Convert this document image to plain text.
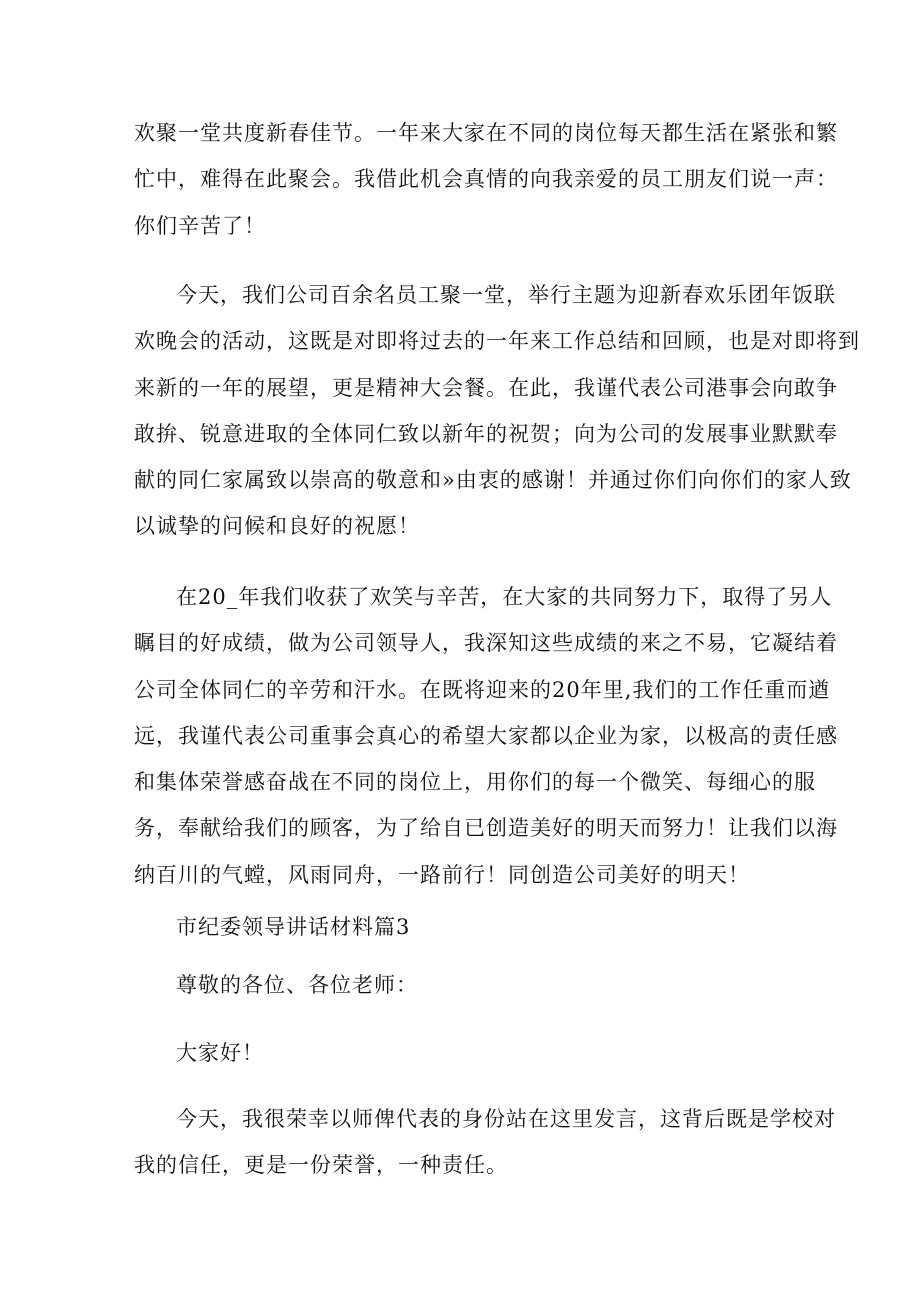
欢聚一堂共度新春佳节。一年来大家在不同的岗位每天都生活在紧张和繁
忙中，难得在此聚会。我借此机会真情的向我亲爱的员工朋友们说一声：
你们辛苦了！

今天，我们公司百余名员工聚一堂，举行主题为迎新春欢乐团年饭联
欢晚会的活动，这既是对即将过去的一年来工作总结和回顾，也是对即将到
来新的一年的展望，更是精神大会餐。在此，我谨代表公司港事会向敢争
敢拚、锐意进取的全体同仁致以新年的祝贺；向为公司的发展事业默默奉
献的同仁家属致以崇高的敬意和»由衷的感谢！并通过你们向你们的家人致
以诚挚的问候和良好的祝愿！

在20_年我们收获了欢笑与辛苦，在大家的共同努力下，取得了另人
瞩目的好成绩，做为公司领导人，我深知这些成绩的来之不易，它凝结着
公司全体同仁的辛劳和汗水。在既将迎来的20年里,我们的工作任重而遒
远，我谨代表公司重事会真心的希望大家都以企业为家，以极高的责任感
和集体荣誉感奋战在不同的岗位上，用你们的每一个微笑、每细心的服
务，奉献给我们的顾客，为了给自已创造美好的明天而努力！让我们以海
纳百川的气螳，风雨同舟，一路前行！同创造公司美好的明天！

市纪委领导讲话材料篇3

尊敬的各位、各位老师：

大家好！

今天，我很荣幸以师俾代表的身份站在这里发言，这背后既是学校对
我的信任，更是一份荣誉，一种责任。
